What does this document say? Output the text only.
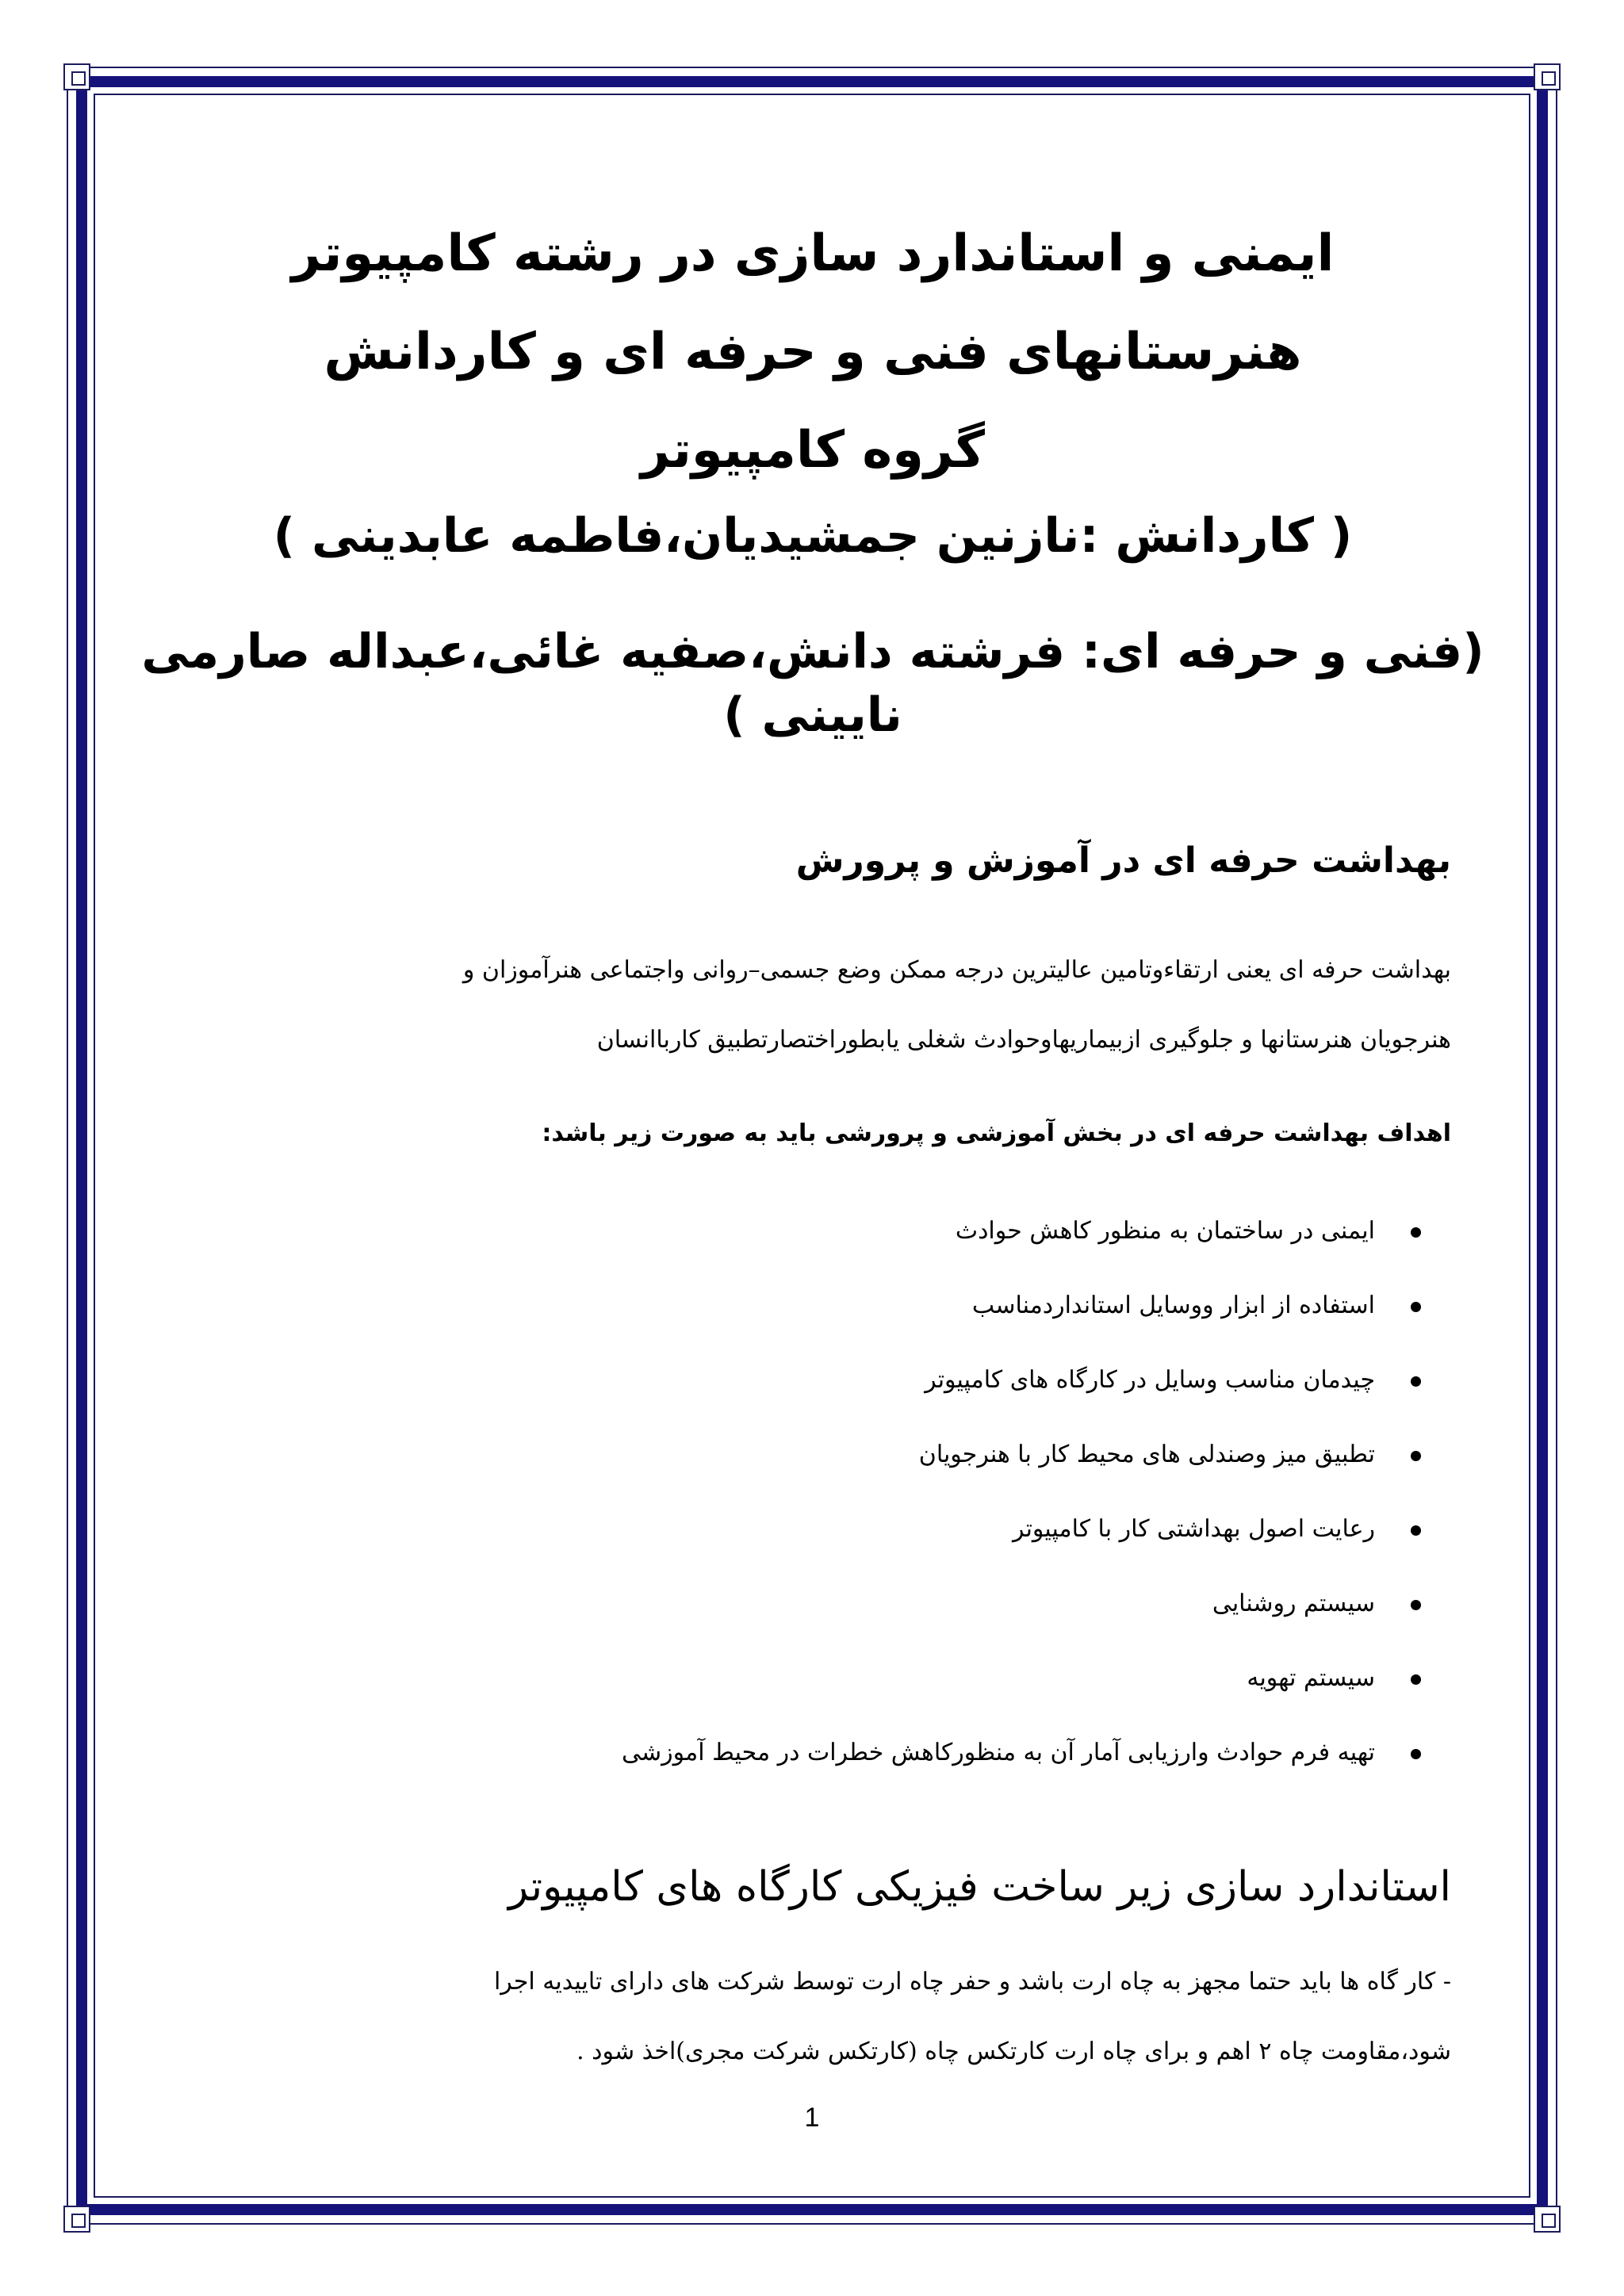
ایمنی و استاندارد سازی در رشته کامپیوتر

هنرستانهای فنی و حرفه ای و کاردانش

گروه کامپیوتر

( کاردانش :نازنین جمشیدیان،فاطمه عابدینی )

(فنی و حرفه ای: فرشته دانش،صفیه غائی،عبداله صارمی نایینی )

بهداشت حرفه ای در آموزش و پرورش

بهداشت حرفه ای یعنی ارتقاءوتامین عالیترین درجه ممکن وضع جسمی–روانی واجتماعی هنرآموزان و

هنرجویان هنرستانها و جلوگیری ازبیماریهاوحوادث شغلی یابطوراختصارتطبیق کارباانسان

اهداف بهداشت حرفه ای در بخش آموزشی و پرورشی باید به صورت زیر باشد:

ایمنی در ساختمان به منظور کاهش حوادث
استفاده از ابزار ووسایل استانداردمناسب
چیدمان مناسب وسایل در کارگاه های کامپیوتر
تطبیق میز وصندلی های محیط کار با هنرجویان
رعایت اصول بهداشتی کار با کامپیوتر
سیستم روشنایی
سیستم تهویه
تهیه فرم حوادث وارزیابی آمار آن به منظورکاهش خطرات در محیط آموزشی
استاندارد سازی زیر ساخت فیزیکی کارگاه های کامپیوتر

- کار گاه ها باید حتما مجهز به چاه ارت باشد و حفر چاه ارت توسط شرکت های دارای تاییدیه اجرا

شود،مقاومت چاه ۲ اهم و برای چاه ارت کارتکس چاه (کارتکس شرکت مجری)اخذ شود .

1
